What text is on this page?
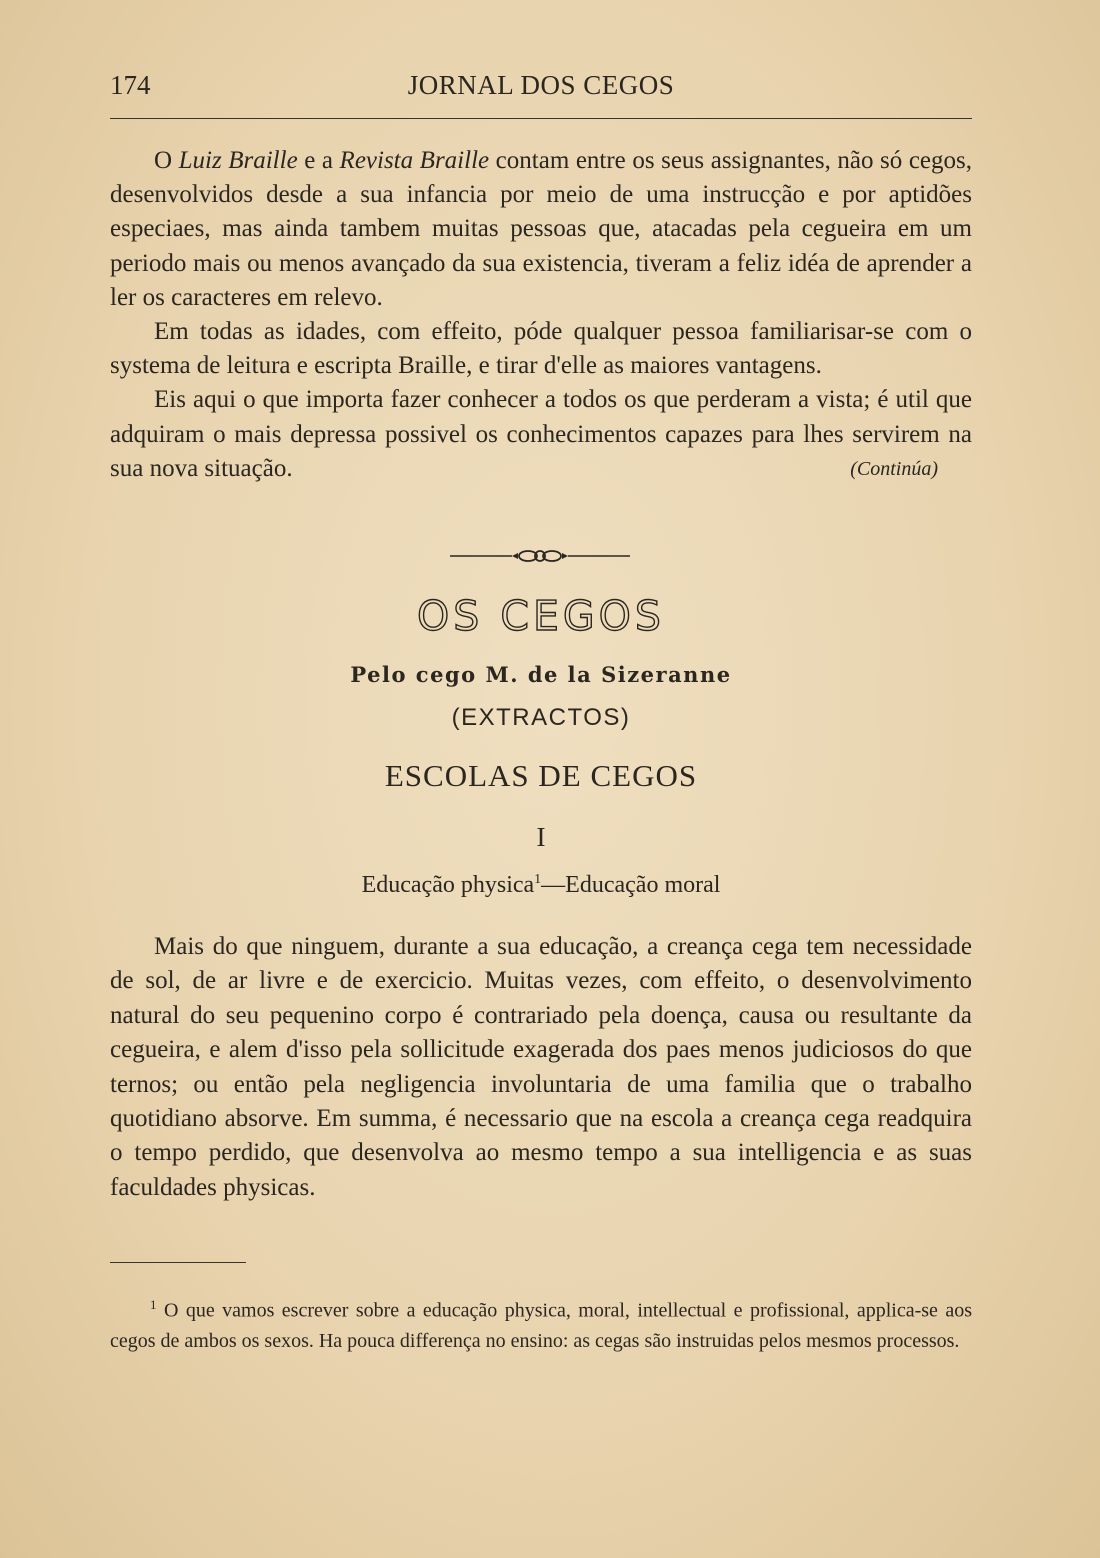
174	JORNAL DOS CEGOS

O Luiz Braille e a Revista Braille contam entre os seus assignantes, não só cegos, desenvolvidos desde a sua infancia por meio de uma instrucção e por aptidões especiaes, mas ainda tambem muitas pessoas que, atacadas pela cegueira em um periodo mais ou menos avançado da sua existencia, tiveram a feliz idéa de aprender a ler os caracteres em relevo.

Em todas as idades, com effeito, póde qualquer pessoa familiarisar-se com o systema de leitura e escripta Braille, e tirar d'elle as maiores vantagens.

Eis aqui o que importa fazer conhecer a todos os que perderam a vista; é util que adquiram o mais depressa possivel os conhecimentos capazes para lhes servirem na sua nova situação.	(Continúa)

OS CEGOS
Pelo cego M. de la Sizeranne
(EXTRACTOS)
ESCOLAS DE CEGOS
I
Educação physica$^1$—Educação moral

Mais do que ninguem, durante a sua educação, a creança cega tem necessidade de sol, de ar livre e de exercicio. Muitas vezes, com effeito, o desenvolvimento natural do seu pequenino corpo é contrariado pela doença, causa ou resultante da cegueira, e alem d'isso pela sollicitude exagerada dos paes menos judiciosos do que ternos; ou então pela negligencia involuntaria de uma familia que o trabalho quotidiano absorve. Em summa, é necessario que na escola a creança cega readquira o tempo perdido, que desenvolva ao mesmo tempo a sua intelligencia e as suas faculdades physicas.

$^1$ O que vamos escrever sobre a educação physica, moral, intellectual e profissional, applica-se aos cegos de ambos os sexos. Ha pouca differença no ensino: as cegas são instruidas pelos mesmos processos.
